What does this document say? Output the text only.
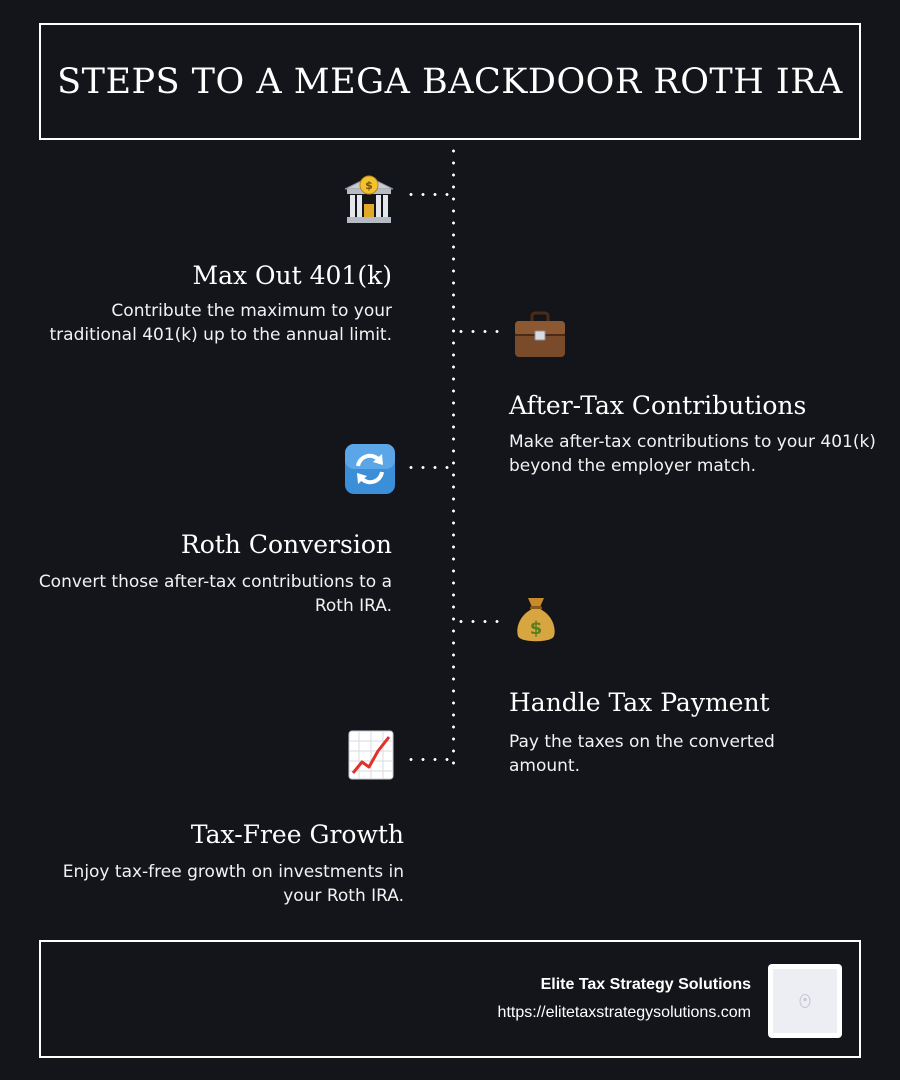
STEPS TO A MEGA BACKDOOR ROTH IRA
$
Max Out 401(k)

Contribute the maximum to your traditional 401(k) up to the annual limit.

After-Tax Contributions

Make after-tax contributions to your 401(k) beyond the employer match.

Roth Conversion

Convert those after-tax contributions to a Roth IRA.

$
Handle Tax Payment

Pay the taxes on the converted amount.

Tax-Free Growth

Enjoy tax-free growth on investments in your Roth IRA.

Elite Tax Strategy Solutions
https://elitetaxstrategysolutions.com
